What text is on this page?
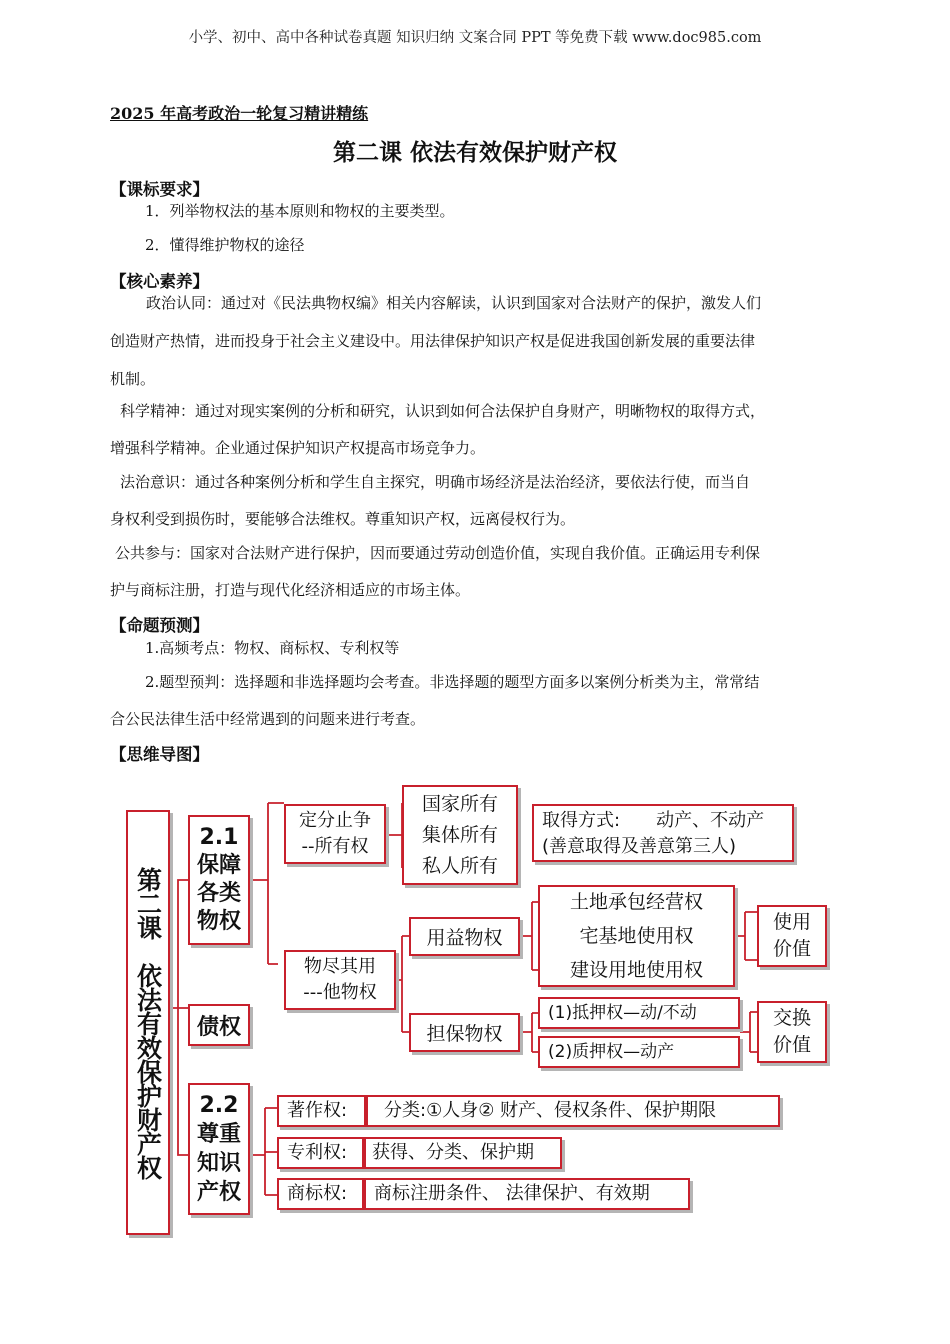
小学、初中、高中各种试卷真题 知识归纳 文案合同 PPT 等免费下载 www.doc985.com
2025 年高考政治一轮复习精讲精练
第二课 依法有效保护财产权
【课标要求】
1．列举物权法的基本原则和物权的主要类型。
2．懂得维护物权的途径
【核心素养】
政治认同：通过对《民法典物权编》相关内容解读，认识到国家对合法财产的保护，激发人们
创造财产热情，进而投身于社会主义建设中。用法律保护知识产权是促进我国创新发展的重要法律
机制。
科学精神：通过对现实案例的分析和研究，认识到如何合法保护自身财产，明晰物权的取得方式，
增强科学精神。企业通过保护知识产权提高市场竞争力。
法治意识：通过各种案例分析和学生自主探究，明确市场经济是法治经济，要依法行使，而当自
身权利受到损伤时，要能够合法维权。尊重知识产权，远离侵权行为。
公共参与：国家对合法财产进行保护，因而要通过劳动创造价值，实现自我价值。正确运用专利保
护与商标注册，打造与现代化经济相适应的市场主体。
【命题预测】
1.高频考点：物权、商标权、专利权等
2.题型预判：选择题和非选择题均会考查。非选择题的题型方面多以案例分析类为主，常常结
合公民法律生活中经常遇到的问题来进行考查。
【思维导图】
第二课　依法有效保护财产权
2.1
保障
各类
物权
债权
2.2
尊重
知识
产权
定分止争
--所有权
国家所有
集体所有
私人所有
取得方式:　　动产、不动产
(善意取得及善意第三人)
物尽其用
---他物权
用益物权
土地承包经营权
宅基地使用权
建设用地使用权
使用
价值
担保物权
(1)抵押权—动/不动
(2)质押权—动产
交换
价值
著作权:	分类:①人身② 财产、侵权条件、保护期限
专利权:	获得、分类、保护期
商标权:	商标注册条件、 法律保护、有效期
